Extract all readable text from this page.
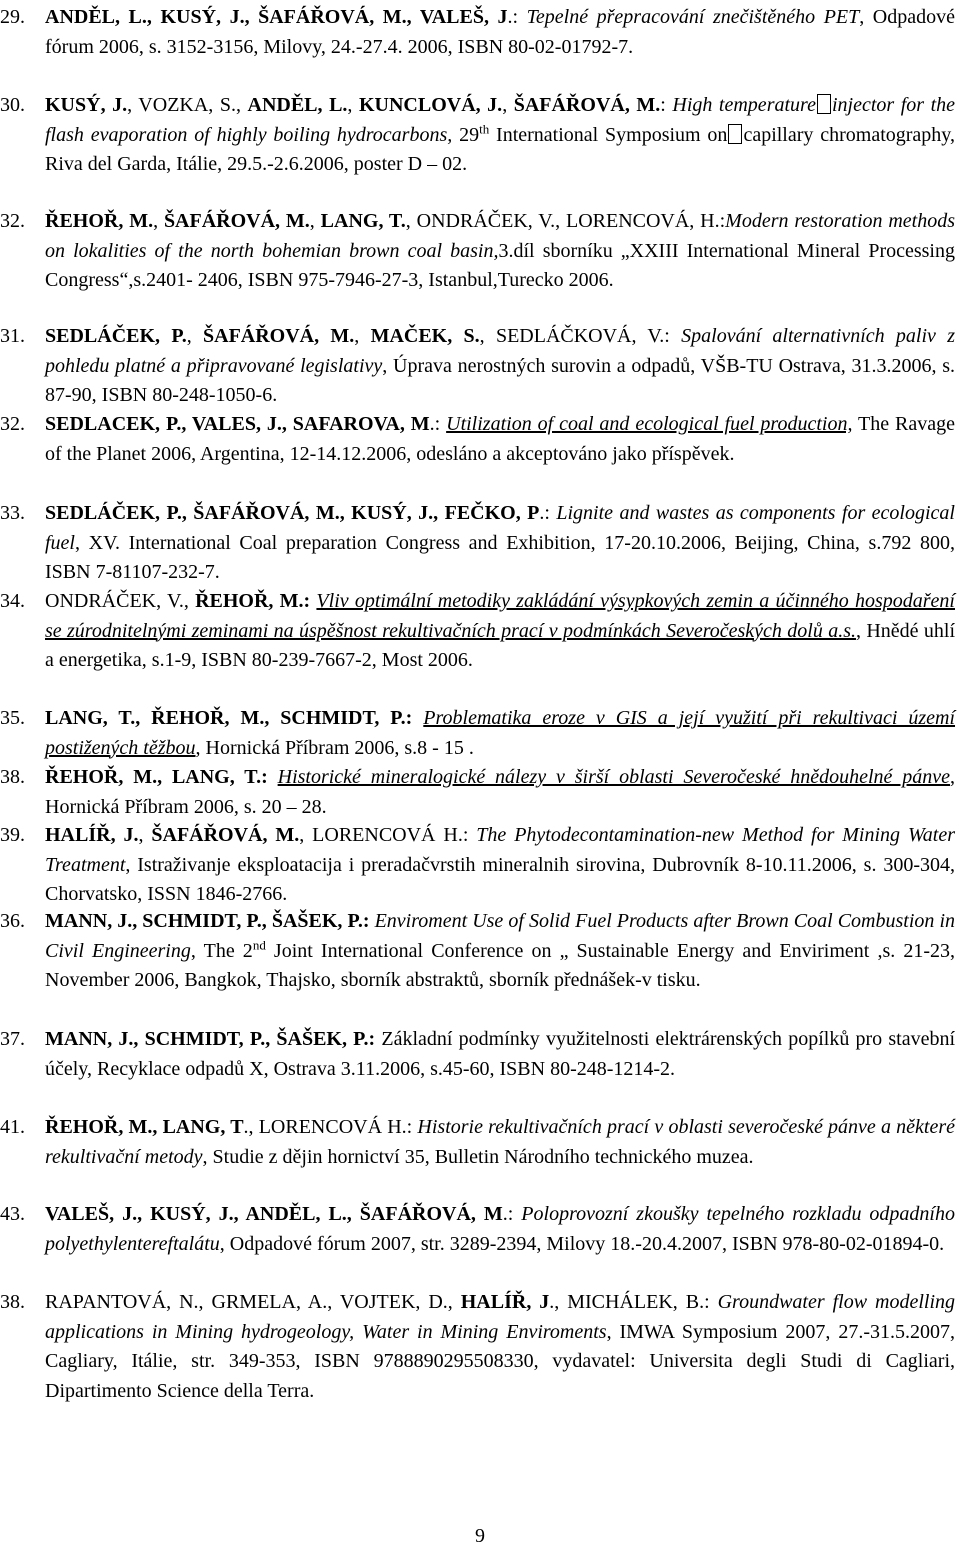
29.	ANDĚL, L., KUSÝ, J., ŠAFÁŘOVÁ, M., VALEŠ, J.: Tepelné přepracování znečištěného PET, Odpadové fórum 2006, s. 3152-3156, Milovy, 24.-27.4. 2006, ISBN 80-02-01792-7.
30.	KUSÝ, J., VOZKA, S., ANDĚL, L., KUNCLOVÁ, J., ŠAFÁŘOVÁ, M.: High temperature injector for the flash evaporation of highly boiling hydrocarbons, 29th International Symposium on capillary chromatography, Riva del Garda, Itálie, 29.5.-2.6.2006, poster D – 02.
32.	ŘEHOŘ, M., ŠAFÁŘOVÁ, M., LANG, T., ONDRÁČEK, V., LORENCOVÁ, H.:Modern restoration methods on lokalities of the north bohemian brown coal basin,3.díl sborníku „XXIII International Mineral Processing Congress“,s.2401- 2406, ISBN 975-7946-27-3, Istanbul,Turecko 2006.
31.	SEDLÁČEK, P., ŠAFÁŘOVÁ, M., MAČEK, S., SEDLÁČKOVÁ, V.: Spalování alternativních paliv z pohledu platné a připravované legislativy, Úprava nerostných surovin a odpadů, VŠB-TU Ostrava, 31.3.2006, s. 87-90, ISBN 80-248-1050-6.
32.	SEDLACEK, P., VALES, J., SAFAROVA, M.: Utilization of coal and ecological fuel production, The Ravage of the Planet 2006, Argentina, 12-14.12.2006, odesláno a akceptováno jako příspěvek.
33.	SEDLÁČEK, P., ŠAFÁŘOVÁ, M., KUSÝ, J., FEČKO, P.: Lignite and wastes as components for ecological fuel, XV. International Coal preparation Congress and Exhibition, 17-20.10.2006, Beijing, China, s.792 800, ISBN 7-81107-232-7.
34.	ONDRÁČEK, V., ŘEHOŘ, M.: Vliv optimální metodiky zakládání výsypkových zemin a účinného hospodaření se zúrodnitelnými zeminami na úspěšnost rekultivačních prací v podmínkách Severočeských dolů a.s., Hnědé uhlí a energetika, s.1-9, ISBN 80-239-7667-2, Most 2006.
35.	LANG, T., ŘEHOŘ, M., SCHMIDT, P.: Problematika eroze v GIS a její využití při rekultivaci území postižených těžbou, Hornická Příbram 2006, s.8 - 15 .
38.	ŘEHOŘ, M., LANG, T.: Historické mineralogické nálezy v širší oblasti Severočeské hnědouhelné pánve, Hornická Příbram 2006, s. 20 – 28.
39.	HALÍŘ, J., ŠAFÁŘOVÁ, M., LORENCOVÁ H.: The Phytodecontamination-new Method for Mining Water Treatment, Istraživanje eksploatacija i preradačvrstih mineralnih sirovina, Dubrovník 8-10.11.2006, s. 300-304, Chorvatsko, ISSN 1846-2766.
36.	MANN, J., SCHMIDT, P., ŠAŠEK, P.: Enviroment Use of Solid Fuel Products after Brown Coal Combustion in Civil Engineering, The 2nd Joint International Conference on „ Sustainable Energy and Enviriment ,s. 21-23, November 2006, Bangkok, Thajsko, sborník abstraktů, sborník přednášek-v tisku.
37.	MANN, J., SCHMIDT, P., ŠAŠEK, P.: Základní podmínky využitelnosti elektrárenských popílků pro stavební účely, Recyklace odpadů X, Ostrava 3.11.2006, s.45-60, ISBN 80-248-1214-2.
41.	ŘEHOŘ, M., LANG, T., LORENCOVÁ H.: Historie rekultivačních prací v oblasti severočeské pánve a některé rekultivační metody, Studie z dějin hornictví 35, Bulletin Národního technického muzea.
43.	VALEŠ, J., KUSÝ, J., ANDĚL, L., ŠAFÁŘOVÁ, M.: Poloprovozní zkoušky tepelného rozkladu odpadního polyethylentereftalátu, Odpadové fórum 2007, str. 3289-2394, Milovy 18.-20.4.2007, ISBN 978-80-02-01894-0.
38.	RAPANTOVÁ, N., GRMELA, A., VOJTEK, D., HALÍŘ, J., MICHÁLEK, B.: Groundwater flow modelling applications in Mining hydrogeology, Water in Mining Enviroments, IMWA Symposium 2007, 27.-31.5.2007, Cagliary, Itálie, str. 349-353, ISBN 9788890295508330, vydavatel: Universita degli Studi di Cagliari, Dipartimento Science della Terra.
9
